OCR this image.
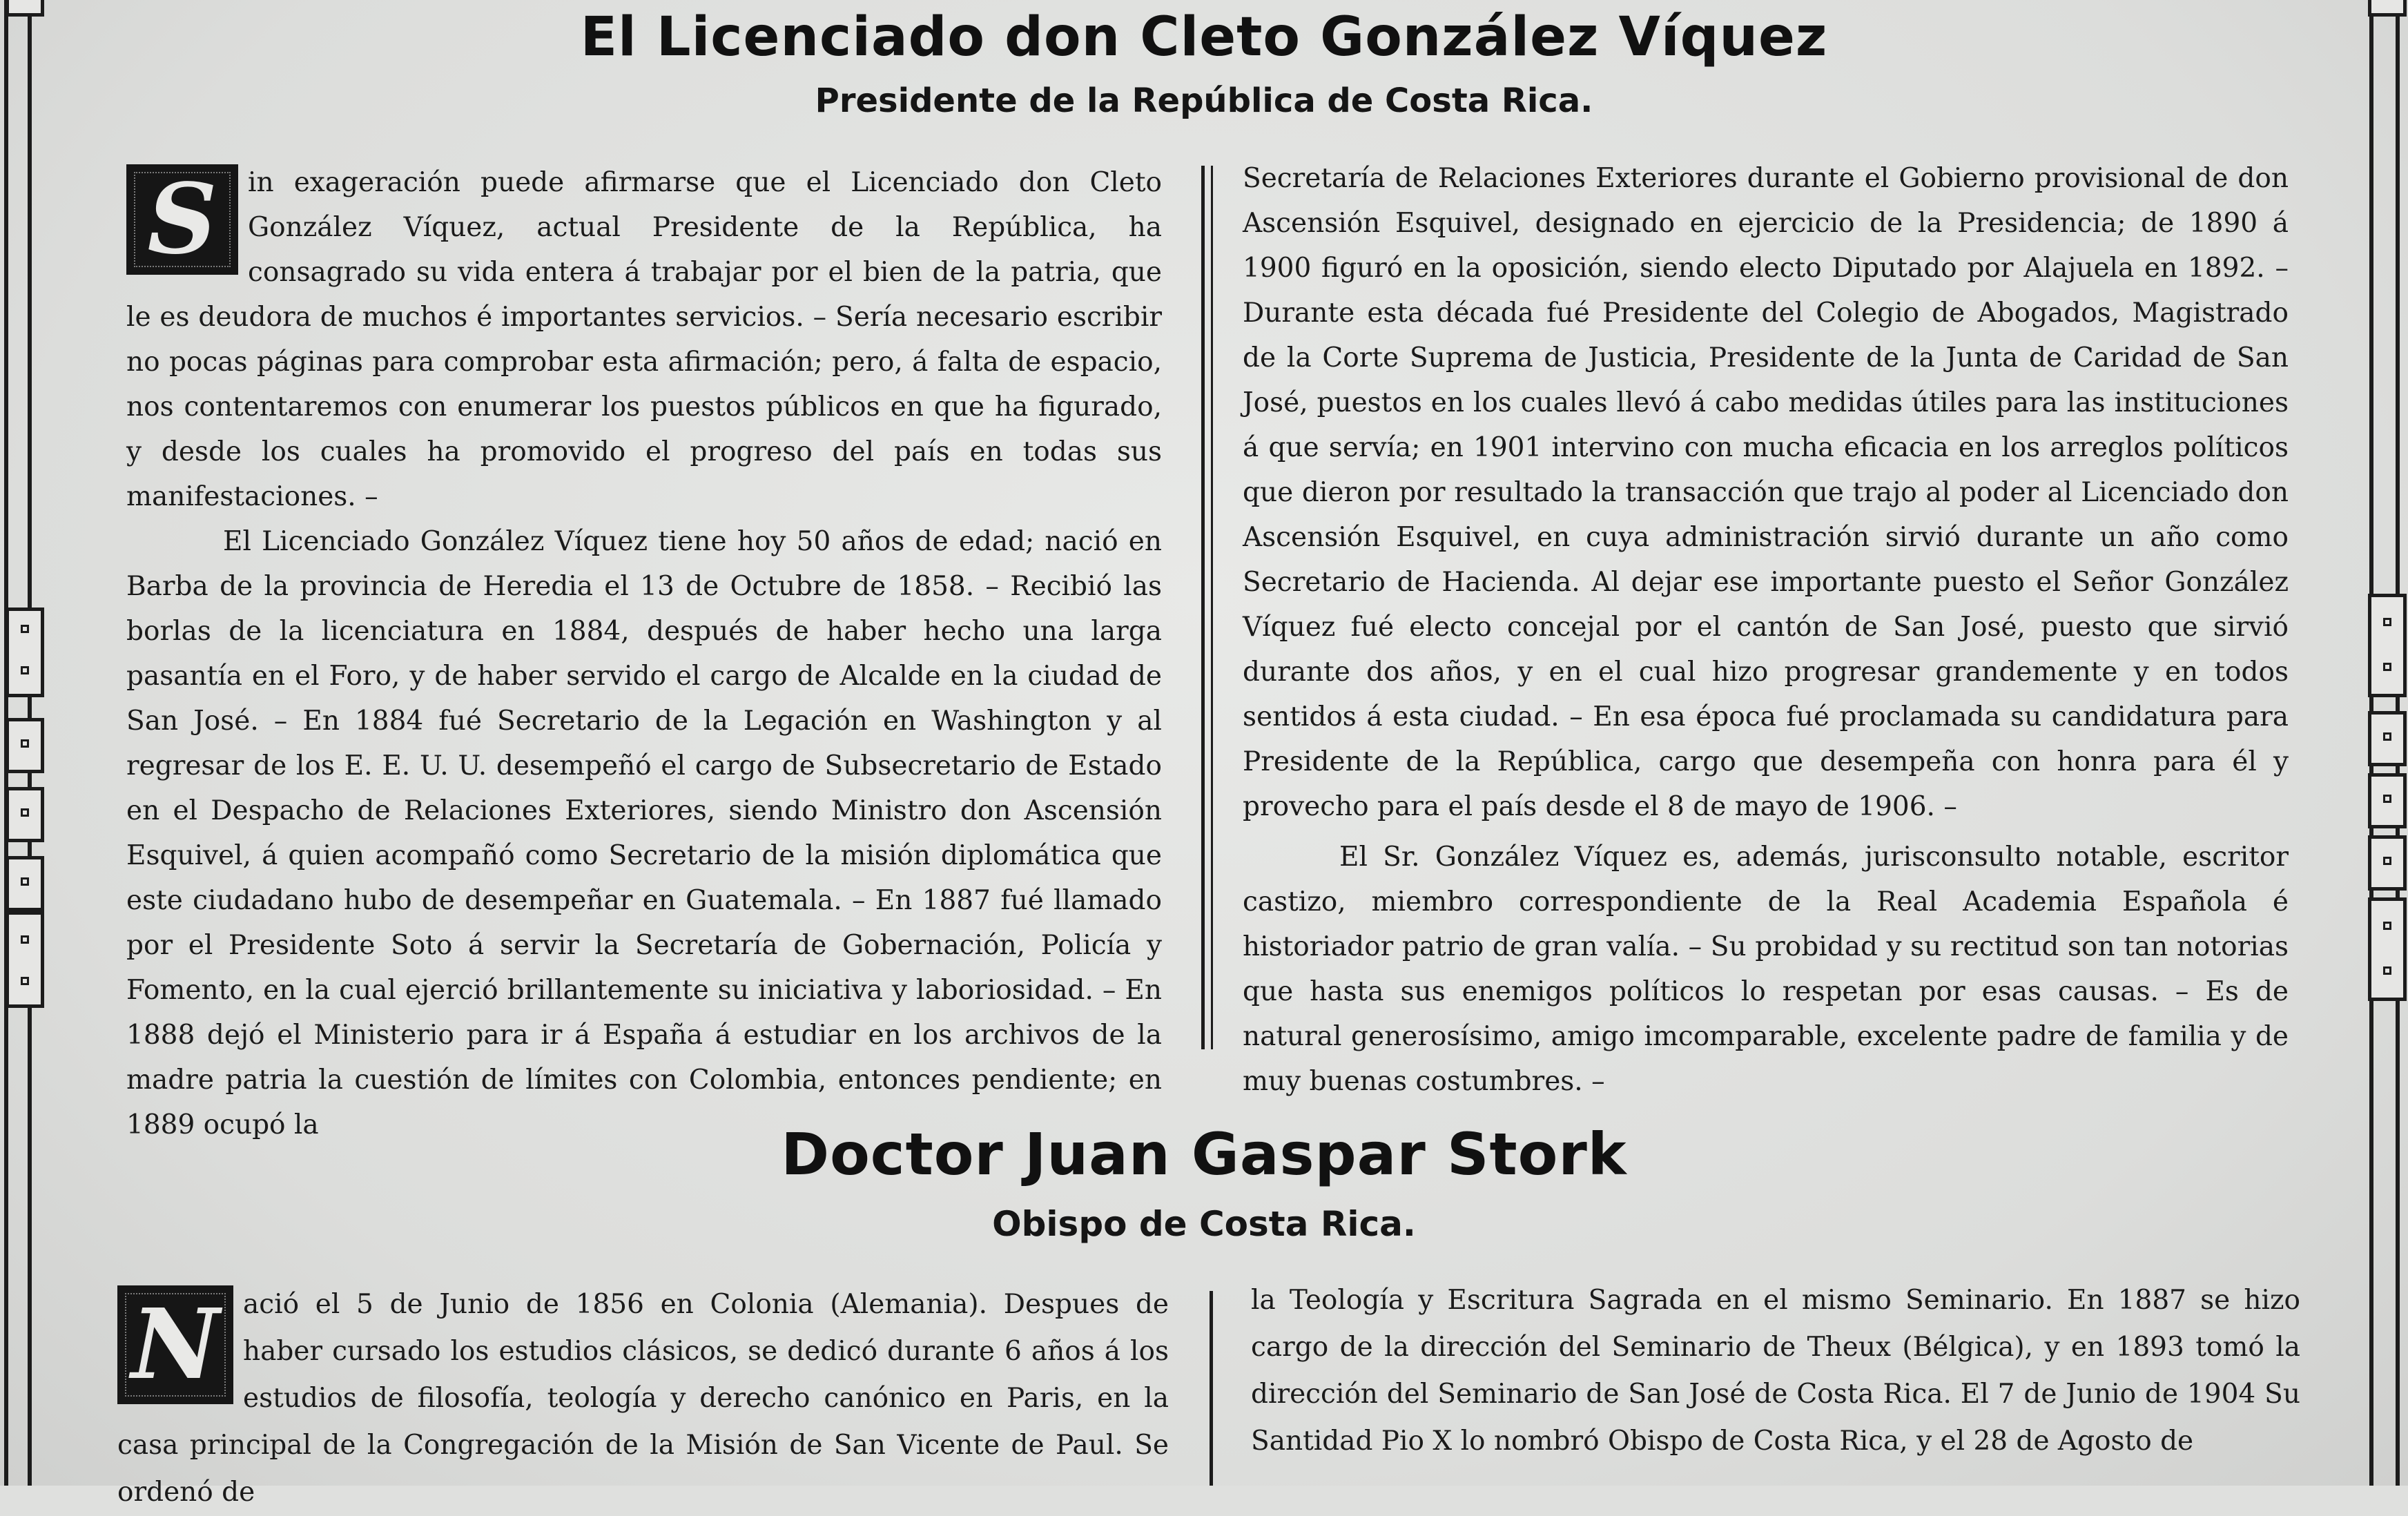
El Licenciado don Cleto González Víquez
Presidente de la República de Costa Rica.
S	in exageración puede afirmarse que el Licenciado don Cleto González Víquez, actual Presidente de la República, ha consagrado su vida entera á trabajar por el bien de la patria, que le es deudora de muchos é importantes servicios. – Sería necesario escribir no pocas páginas para comprobar esta afirmación; pero, á falta de espacio, nos contentaremos con enumerar los puestos públicos en que ha figurado, y desde los cuales ha promovido el progreso del país en todas sus manifestaciones. –

El Licenciado González Víquez tiene hoy 50 años de edad; nació en Barba de la provincia de Heredia el 13 de Octubre de 1858. – Recibió las borlas de la licenciatura en 1884, después de haber hecho una larga pasantía en el Foro, y de haber servido el cargo de Alcalde en la ciudad de San José. – En 1884 fué Secretario de la Legación en Washington y al regresar de los E. E. U. U. desempeñó el cargo de Subsecretario de Estado en el Despacho de Relaciones Exteriores, siendo Ministro don Ascensión Esquivel, á quien acompañó como Secretario de la misión diplomática que este ciudadano hubo de desempeñar en Guatemala. – En 1887 fué llamado por el Presidente Soto á servir la Secretaría de Gobernación, Policía y Fomento, en la cual ejerció brillantemente su iniciativa y laboriosidad. – En 1888 dejó el Ministerio para ir á España á estudiar en los archivos de la madre patria la cuestión de límites con Colombia, entonces pendiente; en 1889 ocupó la

Secretaría de Relaciones Exteriores durante el Gobierno provisional de don Ascensión Esquivel, designado en ejercicio de la Presidencia; de 1890 á 1900 figuró en la oposición, siendo electo Diputado por Alajuela en 1892. – Durante esta década fué Presidente del Colegio de Abogados, Magistrado de la Corte Suprema de Justicia, Presidente de la Junta de Caridad de San José, puestos en los cuales llevó á cabo medidas útiles para las instituciones á que servía; en 1901 intervino con mucha eficacia en los arreglos políticos que dieron por resultado la transacción que trajo al poder al Licenciado don Ascensión Esquivel, en cuya administración sirvió durante un año como Secretario de Hacienda. Al dejar ese importante puesto el Señor González Víquez fué electo concejal por el cantón de San José, puesto que sirvió durante dos años, y en el cual hizo progresar grandemente y en todos sentidos á esta ciudad. – En esa época fué proclamada su candidatura para Presidente de la República, cargo que desempeña con honra para él y provecho para el país desde el 8 de mayo de 1906. –

El Sr. González Víquez es, además, jurisconsulto notable, escritor castizo, miembro correspondiente de la Real Academia Española é historiador patrio de gran valía. – Su probidad y su rectitud son tan notorias que hasta sus enemigos políticos lo respetan por esas causas. – Es de natural generosísimo, amigo imcomparable, excelente padre de familia y de muy buenas costumbres. –

Doctor Juan Gaspar Stork
Obispo de Costa Rica.
N ació el 5 de Junio de 1856 en Colonia (Alemania). Despues de haber cursado los estudios clásicos, se dedicó durante 6 años á los estudios de filosofía, teología y derecho canónico en Paris, en la casa principal de la Congregación de la Misión de San Vicente de Paul. Se ordenó de

la Teología y Escritura Sagrada en el mismo Seminario. En 1887 se hizo cargo de la dirección del Seminario de Theux (Bélgica), y en 1893 tomó la dirección del Seminario de San José de Costa Rica. El 7 de Junio de 1904 Su Santidad Pio X lo nombró Obispo de Costa Rica, y el 28 de Agosto de
